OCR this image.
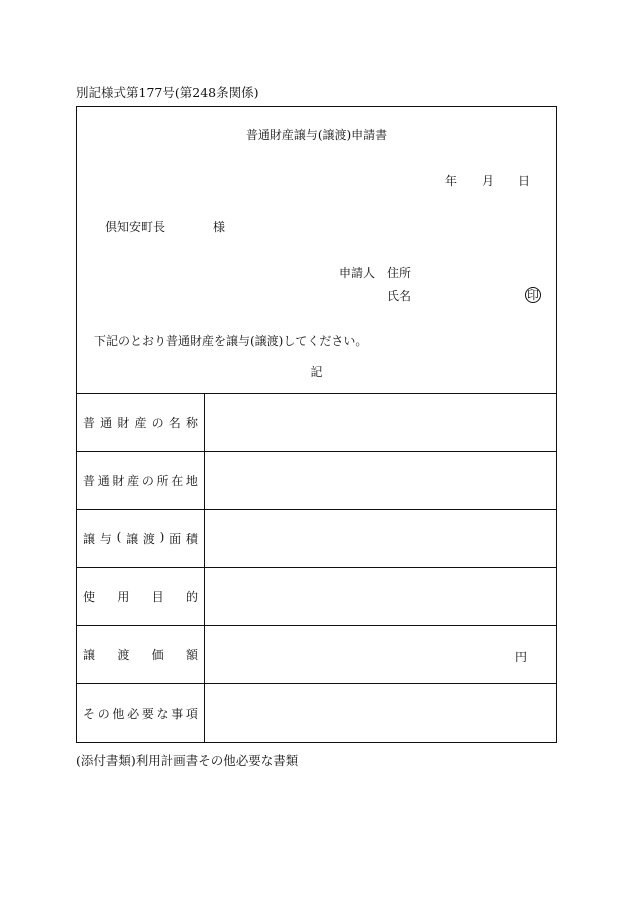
別記様式第177号(第248条関係)
普通財産譲与(譲渡)申請書
年 月 日
倶知安町長	様
申請人 住所
氏名	印
下記のとおり普通財産を譲与(譲渡)してください。
記
普 通 財 産 の 名 称
普 通 財 産 の 所 在 地
譲 与 ( 譲 渡 ) 面 積
使 用 目 的
譲 渡 価 額	円
そ の 他 必 要 な 事 項
(添付書類)利用計画書その他必要な書類
